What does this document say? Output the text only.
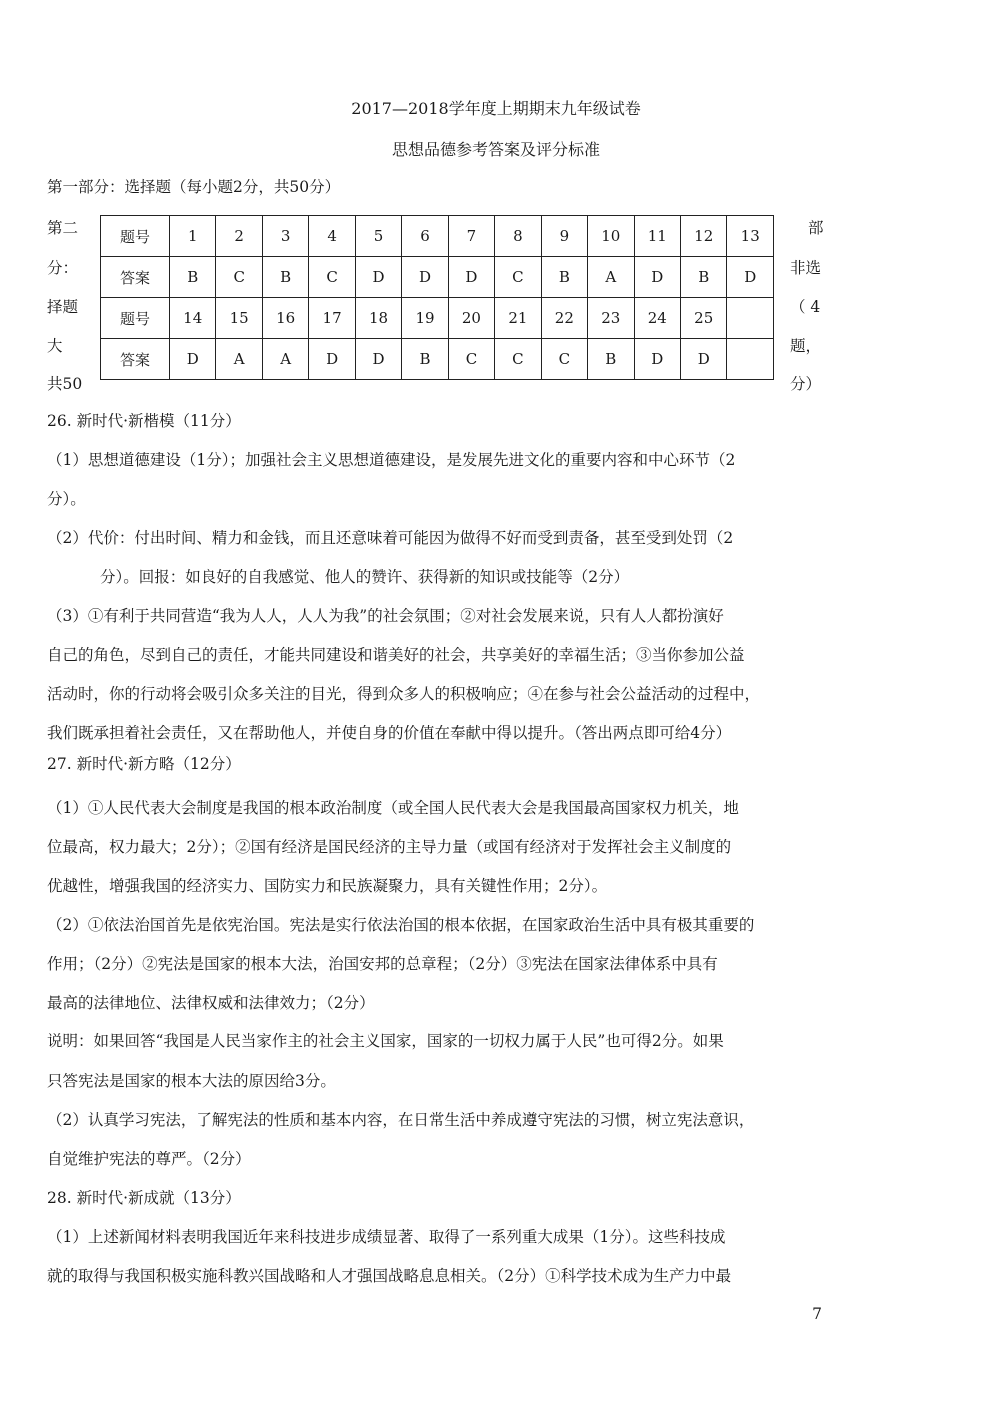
2017—2018学年度上期期末九年级试卷
思想品德参考答案及评分标准
第一部分：选择题（每小题2分，共50分）
第二
分：
择题
大
共50
部
非选
（ 4
题，
分）
题号	1	2	3	4	5	6	7	8	9	10	11	12	13
答案	B	C	B	C	D	D	D	C	B	A	D	B	D
题号	14	15	16	17	18	19	20	21	22	23	24	25	
答案	D	A	A	D	D	B	C	C	C	B	D	D	
26. 新时代·新楷模（11分）
（1）思想道德建设（1分）；加强社会主义思想道德建设，是发展先进文化的重要内容和中心环节（2
分）。
（2）代价：付出时间、精力和金钱，而且还意味着可能因为做得不好而受到责备，甚至受到处罚（2
分）。回报：如良好的自我感觉、他人的赞许、获得新的知识或技能等（2分）
（3）①有利于共同营造“我为人人，人人为我”的社会氛围；②对社会发展来说，只有人人都扮演好
自己的角色，尽到自己的责任，才能共同建设和谐美好的社会，共享美好的幸福生活；③当你参加公益
活动时，你的行动将会吸引众多关注的目光，得到众多人的积极响应；④在参与社会公益活动的过程中，
我们既承担着社会责任，又在帮助他人，并使自身的价值在奉献中得以提升。（答出两点即可给4分）
27. 新时代·新方略（12分）
（1）①人民代表大会制度是我国的根本政治制度（或全国人民代表大会是我国最高国家权力机关，地
位最高，权力最大；2分）；②国有经济是国民经济的主导力量（或国有经济对于发挥社会主义制度的
优越性，增强我国的经济实力、国防实力和民族凝聚力，具有关键性作用；2分）。
（2）①依法治国首先是依宪治国。宪法是实行依法治国的根本依据，在国家政治生活中具有极其重要的
作用；（2分）②宪法是国家的根本大法，治国安邦的总章程；（2分）③宪法在国家法律体系中具有
最高的法律地位、法律权威和法律效力；（2分）
说明：如果回答“我国是人民当家作主的社会主义国家，国家的一切权力属于人民”也可得2分。如果
只答宪法是国家的根本大法的原因给3分。
（2）认真学习宪法，了解宪法的性质和基本内容，在日常生活中养成遵守宪法的习惯，树立宪法意识，
自觉维护宪法的尊严。（2分）
28. 新时代·新成就（13分）
（1）上述新闻材料表明我国近年来科技进步成绩显著、取得了一系列重大成果（1分）。这些科技成
就的取得与我国积极实施科教兴国战略和人才强国战略息息相关。（2分）①科学技术成为生产力中最
7
